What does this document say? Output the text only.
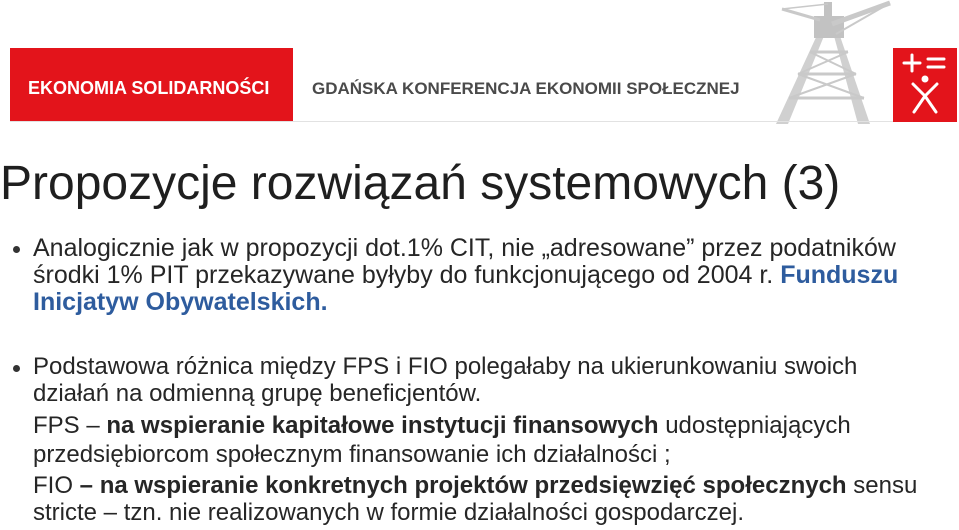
EKONOMIA SOLIDARNOŚCI	GDAŃSKA KONFERENCJA EKONOMII SPOŁECZNEJ
Propozycje rozwiązań systemowych (3)
Analogicznie jak w propozycji dot.1% CIT, nie „adresowane” przez podatników
środki 1% PIT przekazywane byłyby do funkcjonującego od 2004 r. Funduszu
Inicjatyw Obywatelskich.
Podstawowa różnica między FPS i FIO polegałaby na ukierunkowaniu swoich
działań na odmienną grupę beneficjentów.
FPS – na wspieranie kapitałowe instytucji finansowych udostępniających
przedsiębiorcom społecznym finansowanie ich działalności ;
FIO – na wspieranie konkretnych projektów przedsięwzięć społecznych sensu
stricte – tzn. nie realizowanych w formie działalności gospodarczej.
